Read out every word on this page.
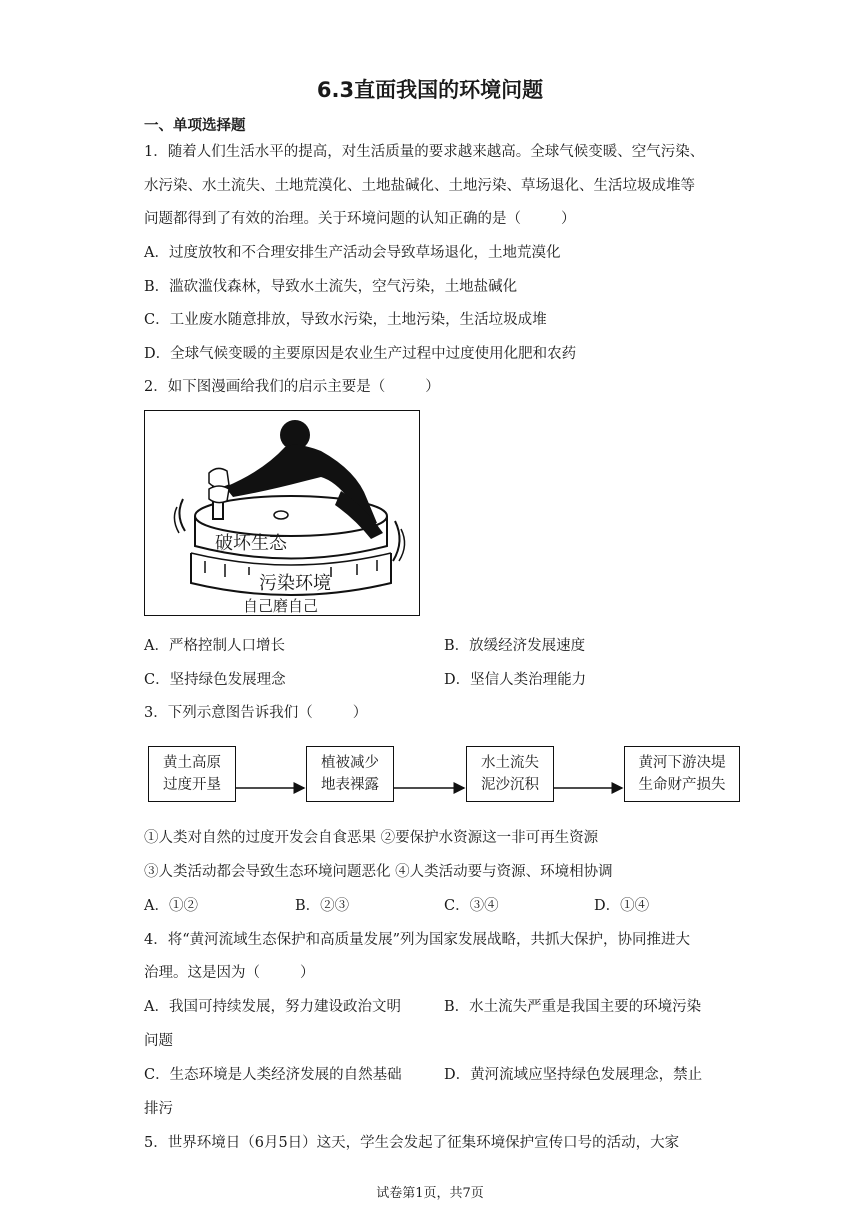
6.3直面我国的环境问题
一、单项选择题
1．随着人们生活水平的提高，对生活质量的要求越来越高。全球气候变暖、空气污染、
水污染、水土流失、土地荒漠化、土地盐碱化、土地污染、草场退化、生活垃圾成堆等
问题都得到了有效的治理。关于环境问题的认知正确的是（	）
A．过度放牧和不合理安排生产活动会导致草场退化，土地荒漠化
B．滥砍滥伐森林，导致水土流失，空气污染，土地盐碱化
C．工业废水随意排放，导致水污染，土地污染，生活垃圾成堆
D．全球气候变暖的主要原因是农业生产过程中过度使用化肥和农药
2．如下图漫画给我们的启示主要是（	）
人类
破坏生态
污染环境
自己磨自己
A．严格控制人口增长	B．放缓经济发展速度
C．坚持绿色发展理念	D．坚信人类治理能力
3．下列示意图告诉我们（	）
黄土高原
过度开垦
植被减少
地表裸露
水土流失
泥沙沉积
黄河下游决堤
生命财产损失
①人类对自然的过度开发会自食恶果 ②要保护水资源这一非可再生资源
③人类活动都会导致生态环境问题恶化 ④人类活动要与资源、环境相协调
A．①②	B．②③	C．③④	D．①④
4．将“黄河流域生态保护和高质量发展”列为国家发展战略，共抓大保护，协同推进大
治理。这是因为（	）
A．我国可持续发展，努力建设政治文明	B．水土流失严重是我国主要的环境污染
问题
C．生态环境是人类经济发展的自然基础	D．黄河流域应坚持绿色发展理念，禁止
排污
5．世界环境日（6月5日）这天，学生会发起了征集环境保护宣传口号的活动，大家
试卷第1页，共7页
